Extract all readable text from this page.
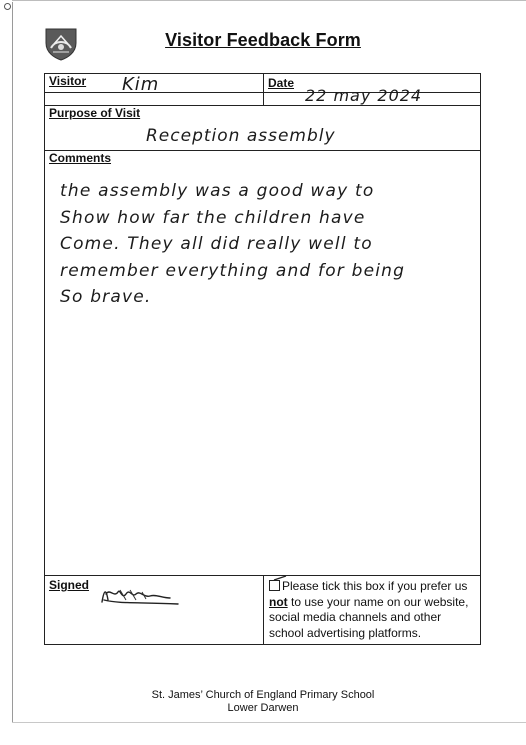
Visitor Feedback Form
Visitor Kim	Date
22 may 2024
Purpose of Visit
Reception assembly
Comments
the assembly was a good way to
Show how far the children have
Come. They all did really well to
remember everything and for being
So brave.
Signed	Please tick this box if you prefer us not to use your name on our website, social media channels and other school advertising platforms.
St. James’ Church of England Primary School
Lower Darwen
